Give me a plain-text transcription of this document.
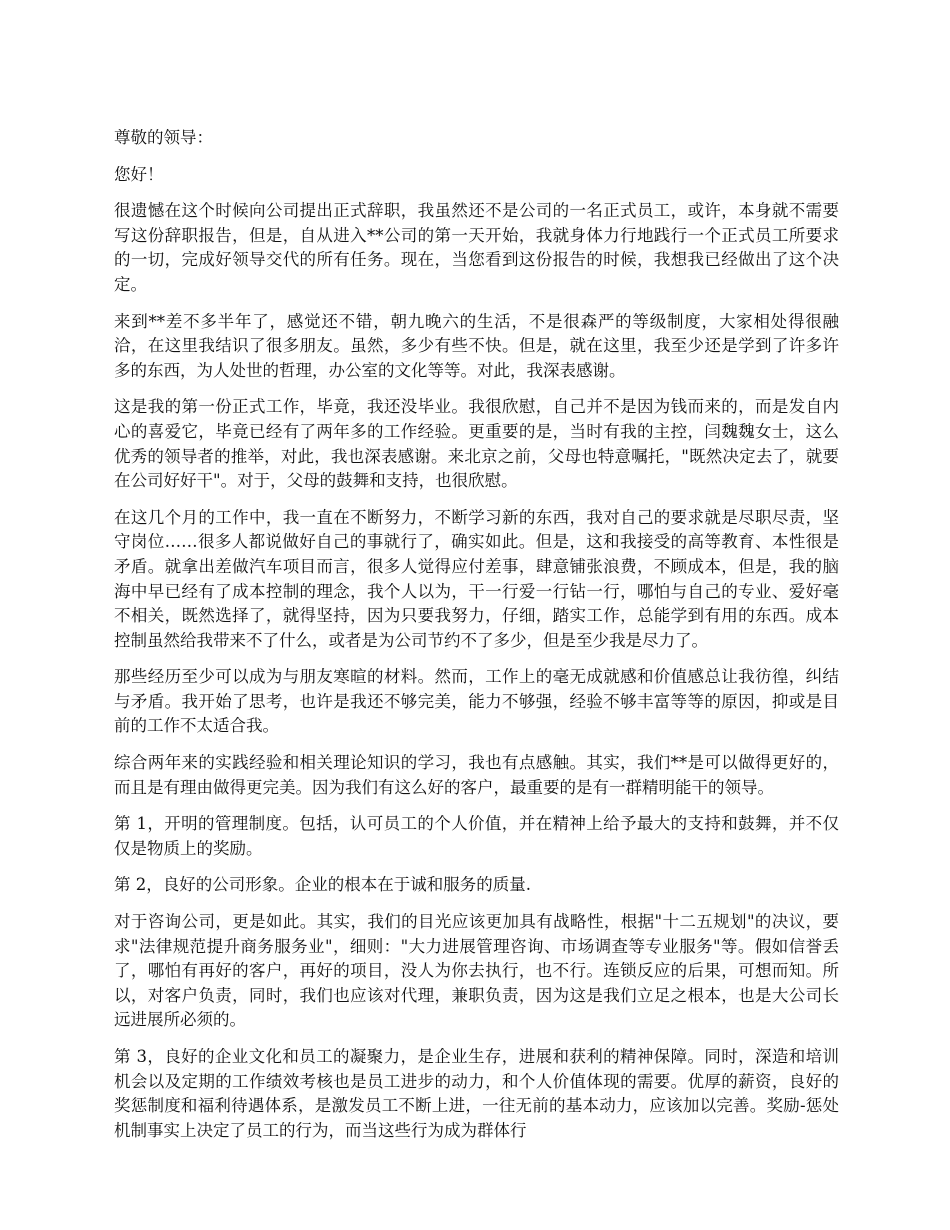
尊敬的领导：

您好！

很遗憾在这个时候向公司提出正式辞职，我虽然还不是公司的一名正式员工，或许，本身就不需要写这份辞职报告，但是，自从进入**公司的第一天开始，我就身体力行地践行一个正式员工所要求的一切，完成好领导交代的所有任务。现在，当您看到这份报告的时候，我想我已经做出了这个决定。

来到**差不多半年了，感觉还不错，朝九晚六的生活，不是很森严的等级制度，大家相处得很融洽，在这里我结识了很多朋友。虽然，多少有些不快。但是，就在这里，我至少还是学到了许多许多的东西，为人处世的哲理，办公室的文化等等。对此，我深表感谢。

这是我的第一份正式工作，毕竟，我还没毕业。我很欣慰，自己并不是因为钱而来的，而是发自内心的喜爱它，毕竟已经有了两年多的工作经验。更重要的是，当时有我的主控，闫魏魏女士，这么优秀的领导者的推举，对此，我也深表感谢。来北京之前，父母也特意嘱托，"既然决定去了，就要在公司好好干"。对于，父母的鼓舞和支持，也很欣慰。

在这几个月的工作中，我一直在不断努力，不断学习新的东西，我对自己的要求就是尽职尽责，坚守岗位……很多人都说做好自己的事就行了，确实如此。但是，这和我接受的高等教育、本性很是矛盾。就拿出差做汽车项目而言，很多人觉得应付差事，肆意铺张浪费，不顾成本，但是，我的脑海中早已经有了成本控制的理念，我个人以为，干一行爱一行钻一行，哪怕与自己的专业、爱好毫不相关，既然选择了，就得坚持，因为只要我努力，仔细，踏实工作，总能学到有用的东西。成本控制虽然给我带来不了什么，或者是为公司节约不了多少，但是至少我是尽力了。

那些经历至少可以成为与朋友寒暄的材料。然而，工作上的毫无成就感和价值感总让我彷徨，纠结与矛盾。我开始了思考，也许是我还不够完美，能力不够强，经验不够丰富等等的原因，抑或是目前的工作不太适合我。

综合两年来的实践经验和相关理论知识的学习，我也有点感触。其实，我们**是可以做得更好的，而且是有理由做得更完美。因为我们有这么好的客户，最重要的是有一群精明能干的领导。

第 1，开明的管理制度。包括，认可员工的个人价值，并在精神上给予最大的支持和鼓舞，并不仅仅是物质上的奖励。

第 2，良好的公司形象。企业的根本在于诚和服务的质量.

对于咨询公司，更是如此。其实，我们的目光应该更加具有战略性，根据"十二五规划"的决议，要求"法律规范提升商务服务业"，细则："大力进展管理咨询、市场调查等专业服务"等。假如信誉丢了，哪怕有再好的客户，再好的项目，没人为你去执行，也不行。连锁反应的后果，可想而知。所以，对客户负责，同时，我们也应该对代理，兼职负责，因为这是我们立足之根本，也是大公司长远进展所必须的。

第 3，良好的企业文化和员工的凝聚力，是企业生存，进展和获利的精神保障。同时，深造和培训机会以及定期的工作绩效考核也是员工进步的动力，和个人价值体现的需要。优厚的薪资，良好的奖惩制度和福利待遇体系，是激发员工不断上进，一往无前的基本动力，应该加以完善。奖励-惩处机制事实上决定了员工的行为，而当这些行为成为群体行
